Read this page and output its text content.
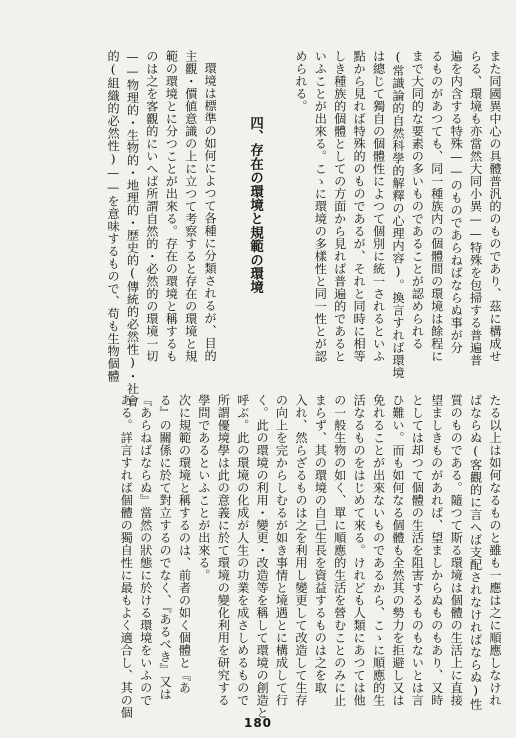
また同國異中心の具體普汎的のものであり、茲に構成せ
らる、環境も亦當然大同小異——特殊を包掃する普遍普
遍を内含する特殊——のものであらねばならぬ事が分
るものがあつても、同一種族内の個體間の環境は餘程に
まで大同的な要素の多いものであることが認められる
(常識論的自然科學的解釋の心理内容)。換言すれば環境
は總じて獨自の個體性によつて個別に統一されるといふ
點から見れば特殊的のものであるが、それと同時に相等
しき種族的個體としての方面から見れば普遍的であると
いふことが出來る。こゝに環境の多樣性と同一性とが認
められる。
四、存在の環境と規範の環境
環境は標準の如何によつて各種に分類されるが、目的
主觀・價値意識の上に立つて考察すると存在の環境と規
範の環境とに分つことが出來る。存在の環境と稱するも
のは之を客觀的にいへば所謂自然的・必然的の環境一切
——物理的・生物的・地理的・歴史的(傳統的必然性)・社會
的(組織的必然性)——を意味するもので、苟も生物個體
たる以上は如何なるものと雖も一應は之に順應しなけれ
ばならぬ(客觀的に言へば支配されなければならぬ)性
質のものである。隨つて斯る環境は個體の生活上に直接
望ましきものがあれば、望ましからぬものもあり、又時
としては却つて個體の生活を阻害するものもないとは言
ひ難い。而も如何なる個體も全然其の勢力を拒避し又は
免れることが出來ないものであるから、こゝに順應的生
活なるものをはじめて來る。けれども人類にあつては他
の一般生物の如く、單に順應的生活を營むことのみに止
まらず、其の環境の自己生長を資益するものは之を取
入れ、然らざるものは之を利用し變更して改造して生存
の向上を完からしむるが如き事情と境遇とに構成して行
く。此の環境の利用・變更・改造等を稱して環境の創造と
呼ぶ。此の環境の化成が人生の功業を成さしめるもので
所謂優境學は此の意義に於て環境の變化利用を研究する
學問であるといふことが出來る。
次に規範の環境と稱するのは、前者の如く個體と『あ
る』の關係に於て對立するのでなく、『あるべき』又は
『あらねばならぬ』當然の狀態に於ける環境をいふので
ある。詳言すれば個體の獨自性に最もよく適合し、其の個
180
